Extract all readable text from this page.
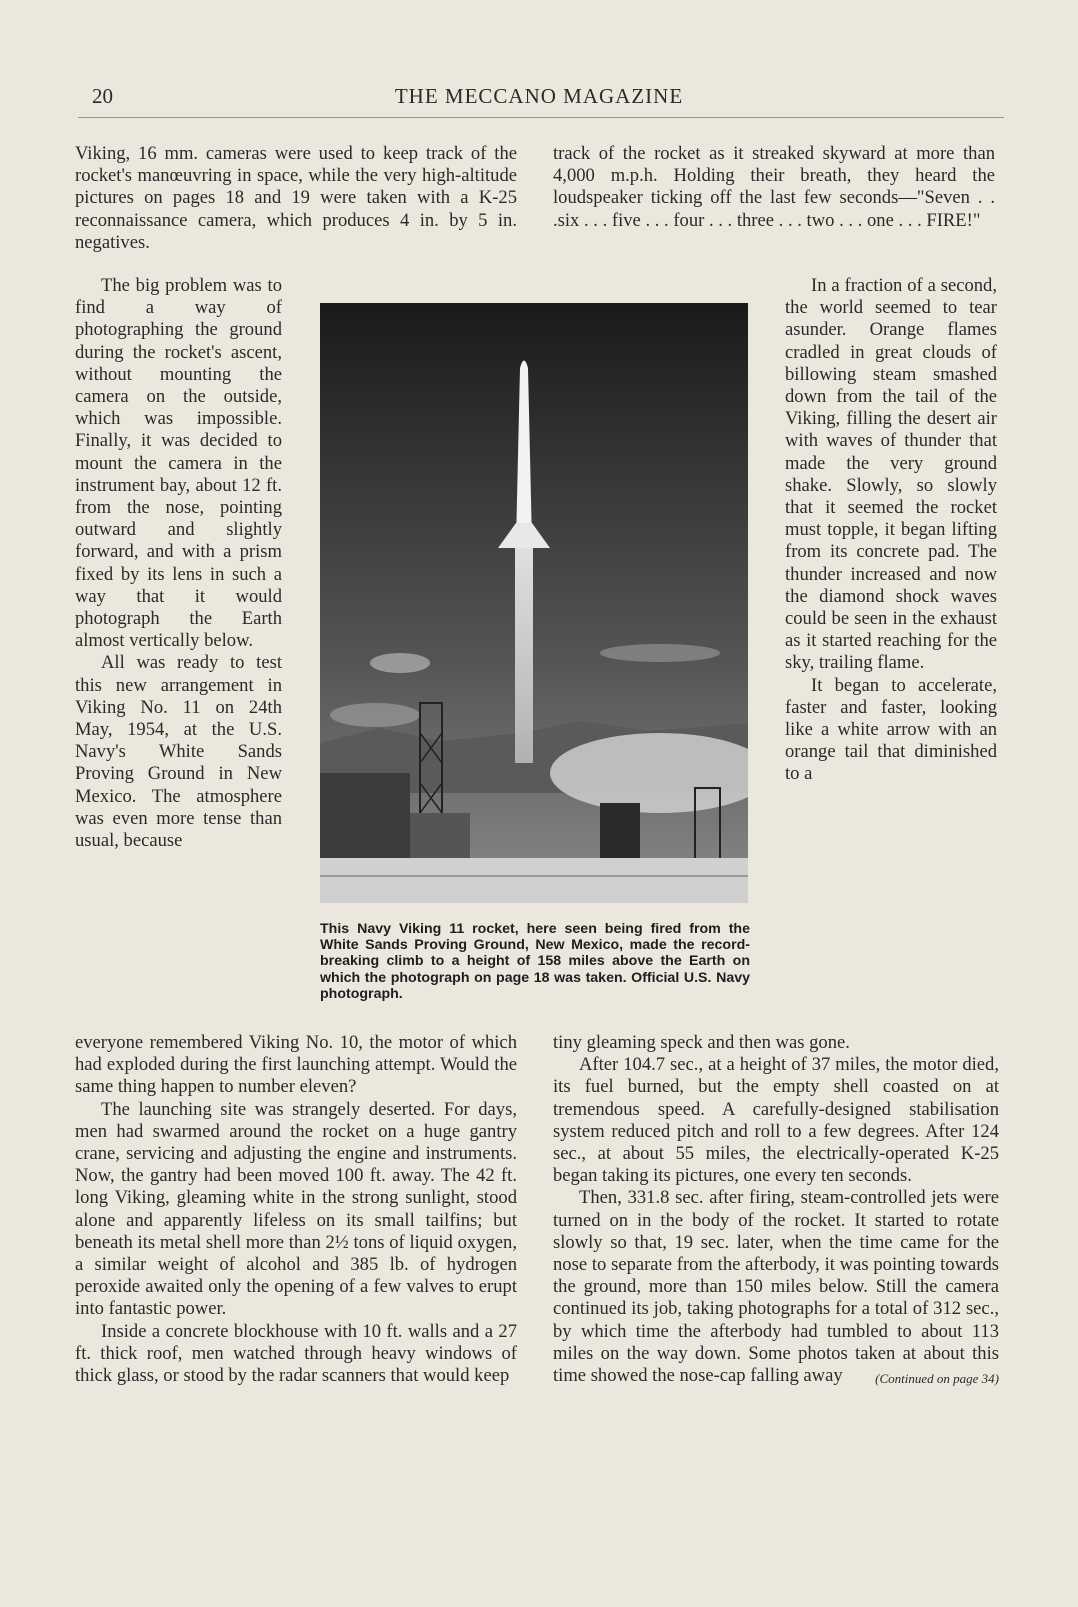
20	THE MECCANO MAGAZINE

Viking, 16 mm. cameras were used to keep track of the rocket's manœuvring in space, while the very high-altitude pictures on pages 18 and 19 were taken with a K-25 reconnaissance camera, which produces 4 in. by 5 in. negatives.

track of the rocket as it streaked skyward at more than 4,000 m.p.h. Holding their breath, they heard the loudspeaker ticking off the last few seconds—"Seven . . .six . . . five . . . four . . . three . . . two . . . one . . . FIRE!"

The big problem was to find a way of photographing the ground during the rocket's ascent, without mounting the camera on the outside, which was impossible. Finally, it was decided to mount the camera in the instrument bay, about 12 ft. from the nose, pointing outward and slightly forward, and with a prism fixed by its lens in such a way that it would photograph the Earth almost vertically below.

All was ready to test this new arrangement in Viking No. 11 on 24th May, 1954, at the U.S. Navy's White Sands Proving Ground in New Mexico. The atmosphere was even more tense than usual, because

This Navy Viking 11 rocket, here seen being fired from the White Sands Proving Ground, New Mexico, made the record-breaking climb to a height of 158 miles above the Earth on which the photograph on page 18 was taken. Official U.S. Navy photograph.

In a fraction of a second, the world seemed to tear asunder. Orange flames cradled in great clouds of billowing steam smashed down from the tail of the Viking, filling the desert air with waves of thunder that made the very ground shake. Slowly, so slowly that it seemed the rocket must topple, it began lifting from its concrete pad. The thunder increased and now the diamond shock waves could be seen in the exhaust as it started reaching for the sky, trailing flame.

It began to accelerate, faster and faster, looking like a white arrow with an orange tail that diminished to a

everyone remembered Viking No. 10, the motor of which had exploded during the first launching attempt. Would the same thing happen to number eleven?

The launching site was strangely deserted. For days, men had swarmed around the rocket on a huge gantry crane, servicing and adjusting the engine and instruments. Now, the gantry had been moved 100 ft. away. The 42 ft. long Viking, gleaming white in the strong sunlight, stood alone and apparently lifeless on its small tailfins; but beneath its metal shell more than 2½ tons of liquid oxygen, a similar weight of alcohol and 385 lb. of hydrogen peroxide awaited only the opening of a few valves to erupt into fantastic power.

Inside a concrete blockhouse with 10 ft. walls and a 27 ft. thick roof, men watched through heavy windows of thick glass, or stood by the radar scanners that would keep

tiny gleaming speck and then was gone.

After 104.7 sec., at a height of 37 miles, the motor died, its fuel burned, but the empty shell coasted on at tremendous speed. A carefully-designed stabilisation system reduced pitch and roll to a few degrees. After 124 sec., at about 55 miles, the electrically-operated K-25 began taking its pictures, one every ten seconds.

Then, 331.8 sec. after firing, steam-controlled jets were turned on in the body of the rocket. It started to rotate slowly so that, 19 sec. later, when the time came for the nose to separate from the afterbody, it was pointing towards the ground, more than 150 miles below. Still the camera continued its job, taking photographs for a total of 312 sec., by which time the afterbody had tumbled to about 113 miles on the way down. Some photos taken at about this time showed the nose-cap falling away	(Continued on page 34)
